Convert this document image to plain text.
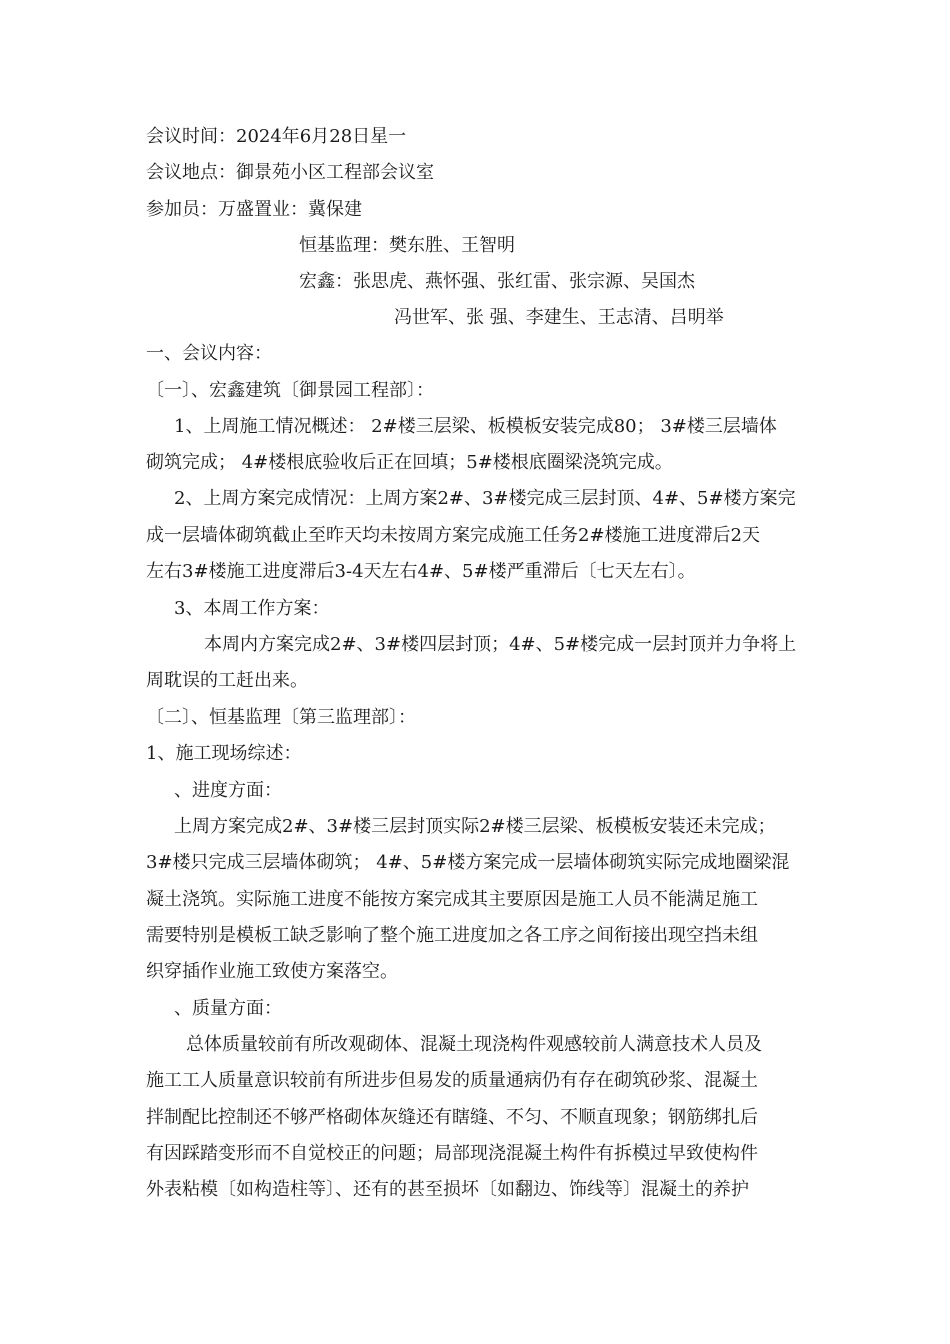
会议时间：2024年6月28日星一
会议地点：御景苑小区工程部会议室
参加员：万盛置业：冀保建
恒基监理：樊东胜、王智明
宏鑫：张思虎、燕怀强、张红雷、张宗源、吴国杰
冯世军、张 强、李建生、王志清、吕明举
一、会议内容：
〔一〕、宏鑫建筑〔御景园工程部〕：
1、上周施工情况概述： 2#楼三层梁、板模板安装完成80； 3#楼三层墙体
砌筑完成； 4#楼根底验收后正在回填；5#楼根底圈梁浇筑完成。
2、上周方案完成情况：上周方案2#、3#楼完成三层封顶、4#、5#楼方案完
成一层墙体砌筑截止至昨天均未按周方案完成施工任务2#楼施工进度滞后2天
左右3#楼施工进度滞后3-4天左右4#、5#楼严重滞后〔七天左右〕。
3、本周工作方案：
本周内方案完成2#、3#楼四层封顶；4#、5#楼完成一层封顶并力争将上
周耽误的工赶出来。
〔二〕、恒基监理〔第三监理部〕：
1、施工现场综述：
、进度方面：
上周方案完成2#、3#楼三层封顶实际2#楼三层梁、板模板安装还未完成；
3#楼只完成三层墙体砌筑； 4#、5#楼方案完成一层墙体砌筑实际完成地圈梁混
凝土浇筑。实际施工进度不能按方案完成其主要原因是施工人员不能满足施工
需要特别是模板工缺乏影响了整个施工进度加之各工序之间衔接出现空挡未组
织穿插作业施工致使方案落空。
、质量方面：
总体质量较前有所改观砌体、混凝土现浇构件观感较前人满意技术人员及
施工工人质量意识较前有所进步但易发的质量通病仍有存在砌筑砂浆、混凝土
拌制配比控制还不够严格砌体灰缝还有瞎缝、不匀、不顺直现象；钢筋绑扎后
有因踩踏变形而不自觉校正的问题；局部现浇混凝土构件有拆模过早致使构件
外表粘模〔如构造柱等〕、还有的甚至损坏〔如翻边、饰线等〕混凝土的养护
